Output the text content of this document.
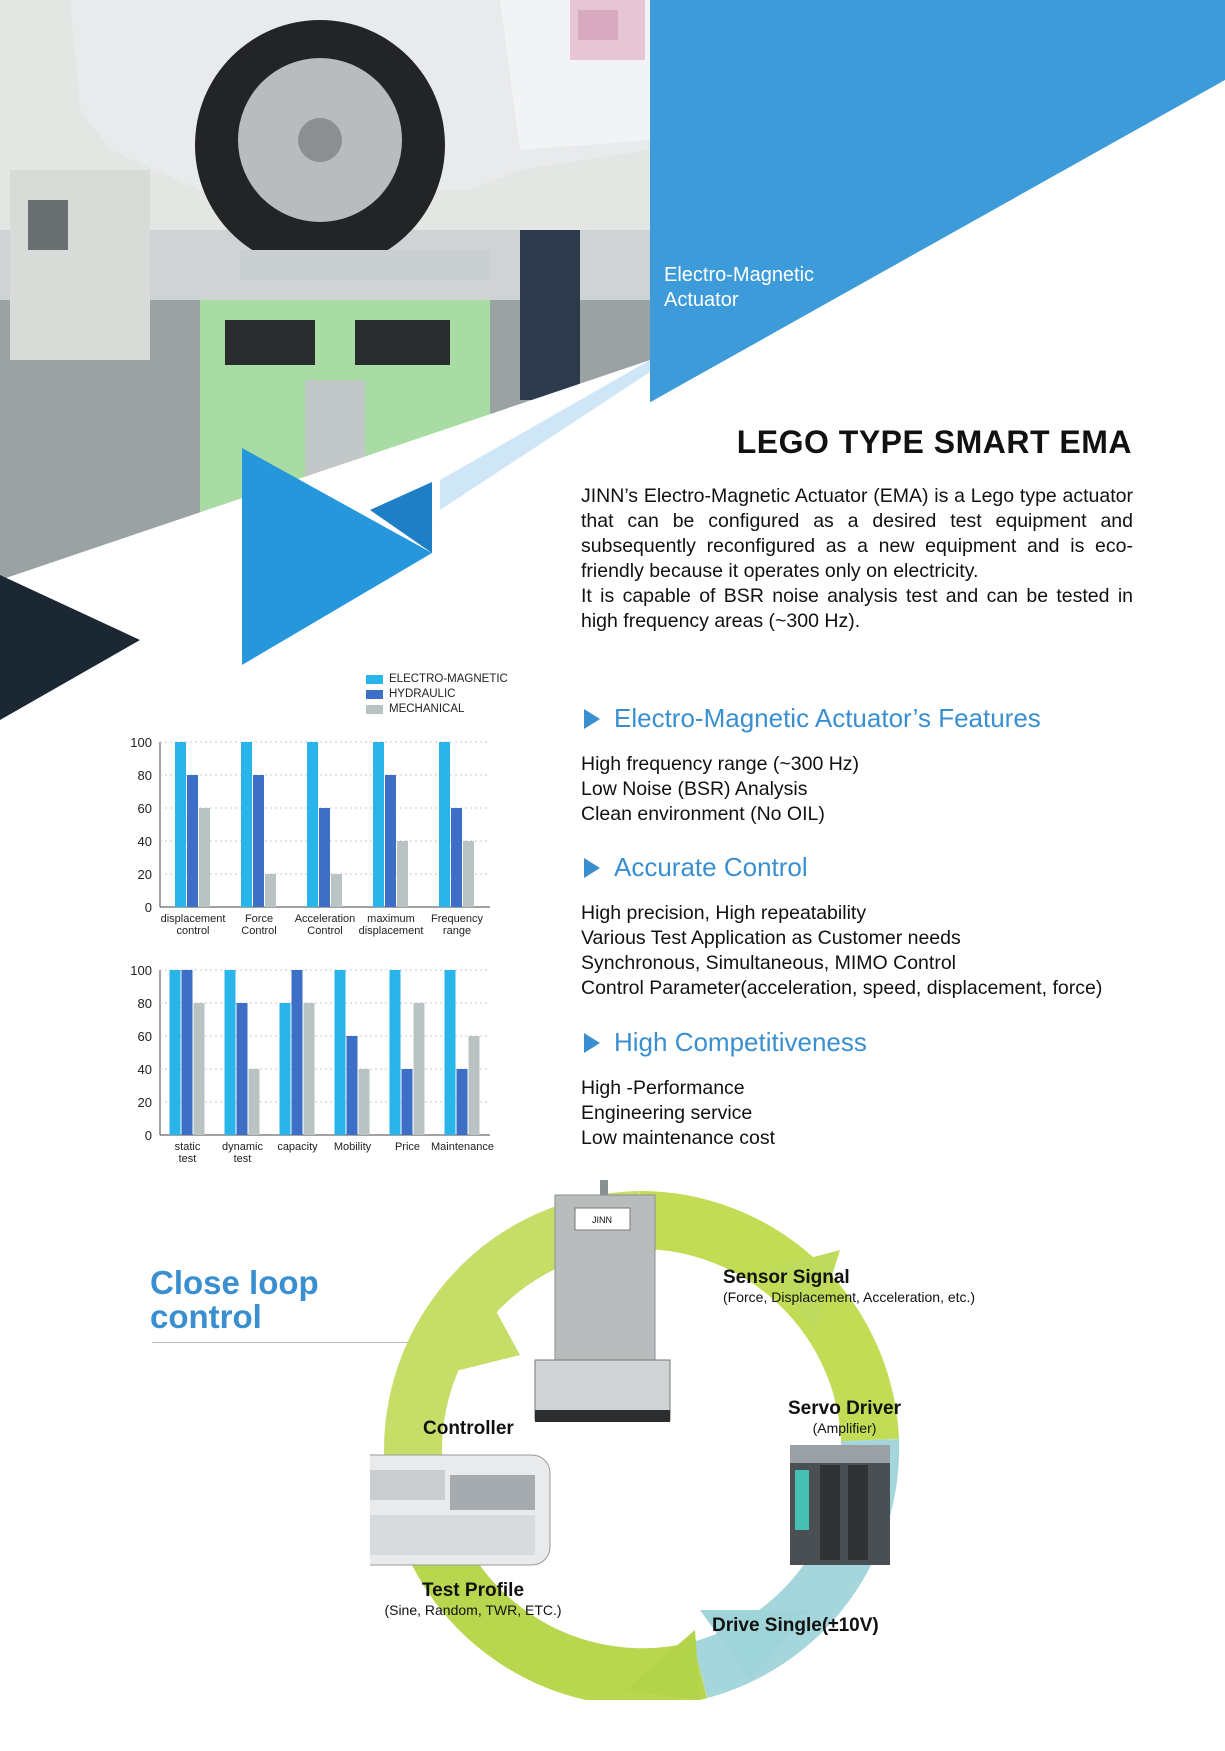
Electro-Magnetic
Actuator
LEGO TYPE SMART EMA

JINN’s Electro-Magnetic Actuator (EMA) is a Lego type actuator that can be configured as a desired test equipment and subsequently reconfigured as a new equipment and is eco-friendly because it operates only on electricity.

It is capable of BSR noise analysis test and can be tested in high frequency areas (~300 Hz).

Electro-Magnetic Actuator’s Features
High frequency range (~300 Hz)
Low Noise (BSR) Analysis
Clean environment (No OIL)
Accurate Control
High precision, High repeatability
Various Test Application as Customer needs
Synchronous, Simultaneous, MIMO Control
Control Parameter(acceleration, speed, displacement, force)
High Competitiveness
High -Performance
Engineering service
Low maintenance cost
ELECTRO-MAGNETIC
HYDRAULIC
MECHANICAL
0
20
40
60
80
100
displacement
control
Force
Control
Acceleration
Control
maximum
displacement
Frequency
range
0
20
40
60
80
100
static
test
dynamic
test
capacity Mobility Price Maintenance
Close loop
control
JINN
Sensor Signal
(Force, Displacement, Acceleration, etc.)
Servo Driver
(Amplifier)
Controller
Test Profile
(Sine, Random, TWR, ETC.)
Drive Single(±10V)
